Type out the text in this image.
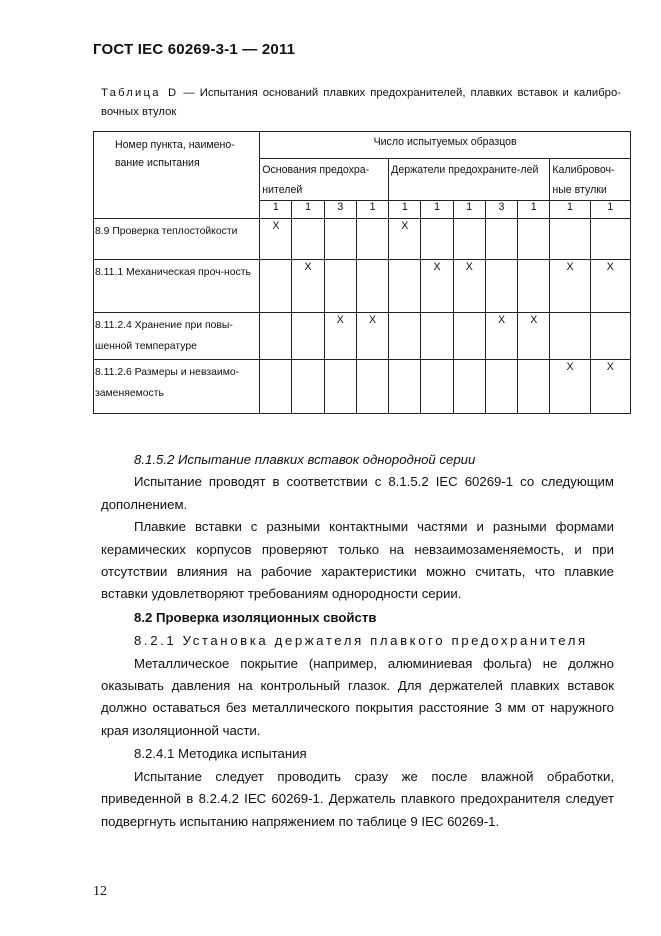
ГОСТ IEC 60269-3-1 — 2011
Таблица D — Испытания оснований плавких предохранителей, плавких вставок и калибро-вочных втулок
Номер пункта, наимено-вание испытания	Число испытуемых образцов										
	Основания предохра-нителей				Держатели предохраните-лей					Калибровоч-ные втулки	
	1	1	3	1	1	1	1	3	1	1	1
8.9 Проверка теплостойкости	X				X						
8.11.1 Механическая проч-ность		X				X	X			X	X
8.11.2.4 Хранение при повы-шенной температуре			X	X				X	X		
8.11.2.6 Размеры и невзаимо-заменяемость										X	X

8.1.5.2 Испытание плавких вставок однородной серии

Испытание проводят в соответствии с 8.1.5.2 IEC 60269-1 со следующим дополнением.

Плавкие вставки с разными контактными частями и разными формами керамических корпусов проверяют только на невзаимозаменяемость, и при отсутствии влияния на рабочие характеристики можно считать, что плавкие вставки удовлетворяют требованиям однородности серии.

8.2 Проверка изоляционных свойств

8.2.1 Установка держателя плавкого предохранителя

Металлическое покрытие (например, алюминиевая фольга) не должно оказывать давления на контрольный глазок. Для держателей плавких вставок должно оставаться без металлического покрытия расстояние 3 мм от наружного края изоляционной части.

8.2.4.1 Методика испытания

Испытание следует проводить сразу же после влажной обработки, приведенной в 8.2.4.2 IEC 60269-1. Держатель плавкого предохранителя следует подвергнуть испытанию напряжением по таблице 9 IEC 60269-1.

12
